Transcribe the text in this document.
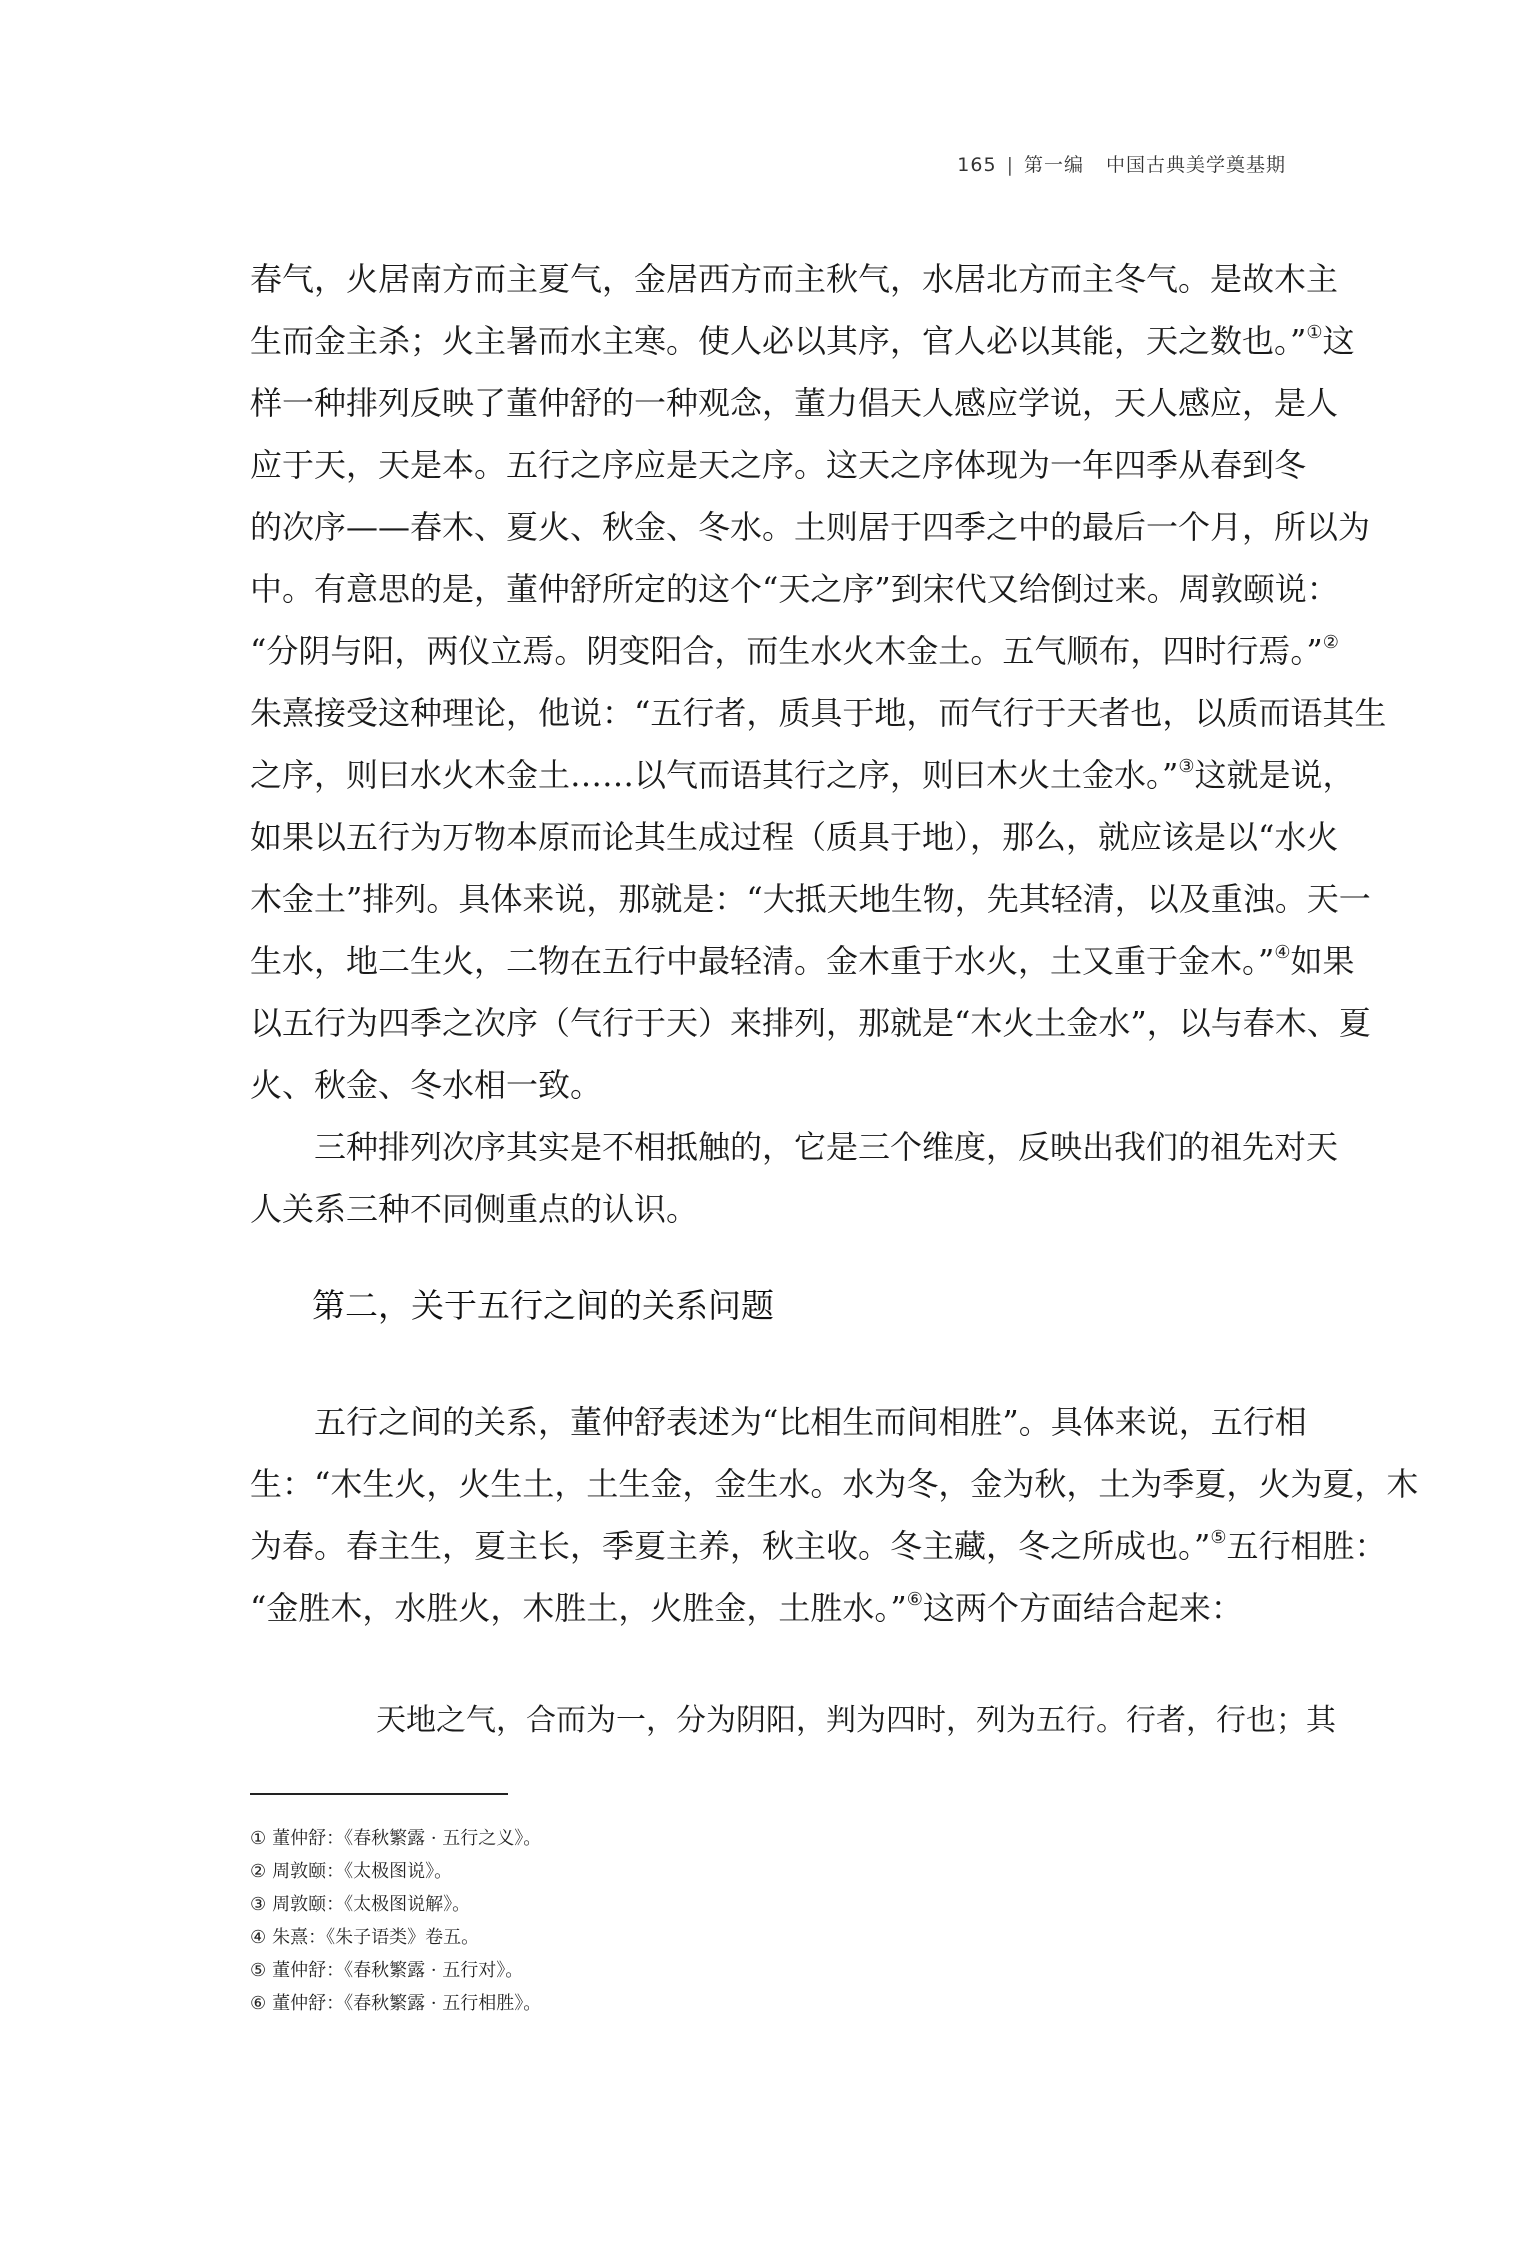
165 | 第一编 中国古典美学奠基期
春气，火居南方而主夏气，金居西方而主秋气，水居北方而主冬气。是故木主
生而金主杀；火主暑而水主寒。使人必以其序，官人必以其能，天之数也。”①这
样一种排列反映了董仲舒的一种观念，董力倡天人感应学说，天人感应，是人
应于天，天是本。五行之序应是天之序。这天之序体现为一年四季从春到冬
的次序——春木、夏火、秋金、冬水。土则居于四季之中的最后一个月，所以为
中。有意思的是，董仲舒所定的这个“天之序”到宋代又给倒过来。周敦颐说：
“分阴与阳，两仪立焉。阴变阳合，而生水火木金土。五气顺布，四时行焉。”②
朱熹接受这种理论，他说：“五行者，质具于地，而气行于天者也，以质而语其生
之序，则曰水火木金土……以气而语其行之序，则曰木火土金水。”③这就是说，
如果以五行为万物本原而论其生成过程（质具于地），那么，就应该是以“水火
木金土”排列。具体来说，那就是：“大抵天地生物，先其轻清，以及重浊。天一
生水，地二生火，二物在五行中最轻清。金木重于水火，土又重于金木。”④如果
以五行为四季之次序（气行于天）来排列，那就是“木火土金水”，以与春木、夏
火、秋金、冬水相一致。
三种排列次序其实是不相抵触的，它是三个维度，反映出我们的祖先对天
人关系三种不同侧重点的认识。
第二，关于五行之间的关系问题
五行之间的关系，董仲舒表述为“比相生而间相胜”。具体来说，五行相
生：“木生火，火生土，土生金，金生水。水为冬，金为秋，土为季夏，火为夏，木
为春。春主生，夏主长，季夏主养，秋主收。冬主藏，冬之所成也。”⑤五行相胜：
“金胜木，水胜火，木胜土，火胜金，土胜水。”⑥这两个方面结合起来：
天地之气，合而为一，分为阴阳，判为四时，列为五行。行者，行也；其
① 董仲舒：《春秋繁露 · 五行之义》。
② 周敦颐：《太极图说》。
③ 周敦颐：《太极图说解》。
④ 朱熹：《朱子语类》卷五。
⑤ 董仲舒：《春秋繁露 · 五行对》。
⑥ 董仲舒：《春秋繁露 · 五行相胜》。
